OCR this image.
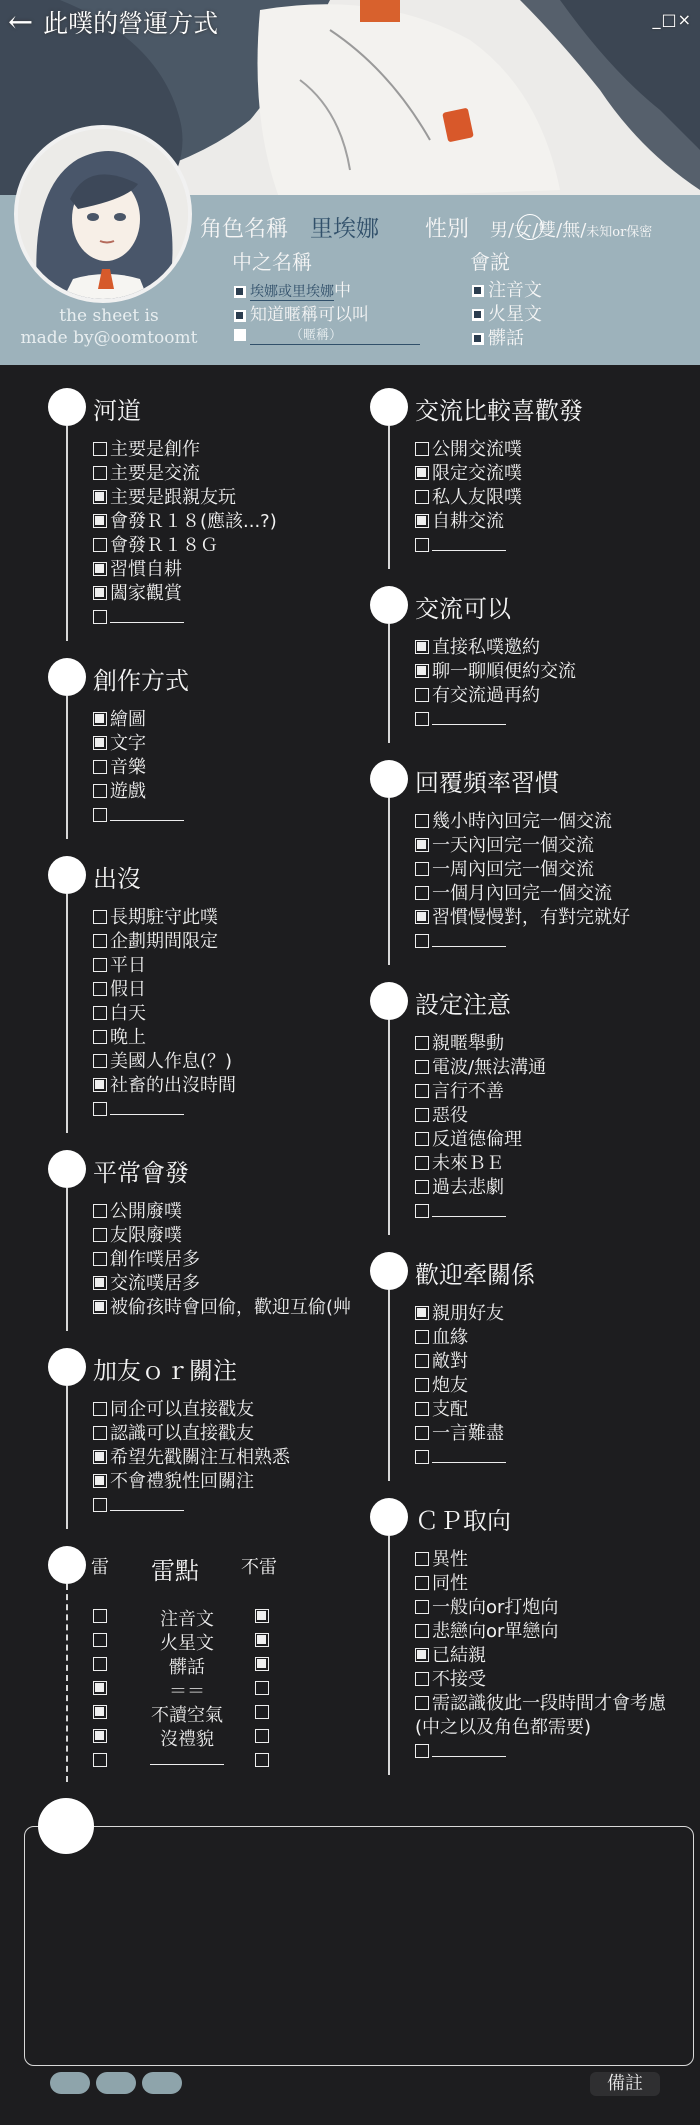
← 此噗的營運方式	_□×
the sheet is
made by@oomtoomt
角色名稱 里埃娜 性別 男/女/雙/無/未知or保密
中之名稱
埃娜或里埃娜中
知道暱稱可以叫
（暱稱）
會說
注音文
火星文
髒話
河道
主要是創作
主要是交流
主要是跟親友玩
會發Ｒ１８(應該...?)
會發Ｒ１８Ｇ
習慣自耕
闔家觀賞
創作方式
繪圖
文字
音樂
遊戲
出沒
長期駐守此噗
企劃期間限定
平日
假日
白天
晚上
美國人作息(？)
社畜的出沒時間
平常會發
公開廢噗
友限廢噗
創作噗居多
交流噗居多
被偷孩時會回偷，歡迎互偷(艸
加友ｏｒ關注
同企可以直接戳友
認識可以直接戳友
希望先戳關注互相熟悉
不會禮貌性回關注
交流比較喜歡發
公開交流噗
限定交流噗
私人友限噗
自耕交流
交流可以
直接私噗邀約
聊一聊順便約交流
有交流過再約
回覆頻率習慣
幾小時內回完一個交流
一天內回完一個交流
一周內回完一個交流
一個月內回完一個交流
習慣慢慢對，有對完就好
設定注意
親暱舉動
電波/無法溝通
言行不善
惡役
反道德倫理
未來ＢＥ
過去悲劇
歡迎牽關係
親朋好友
血緣
敵對
炮友
支配
一言難盡
ＣＰ取向
異性
同性
一般向or打炮向
悲戀向or單戀向
已結親
不接受
需認識彼此一段時間才會考慮
(中之以及角色都需要)
雷 雷點 不雷
注音文
火星文
髒話
＝＝
不讀空氣
沒禮貌
備註
